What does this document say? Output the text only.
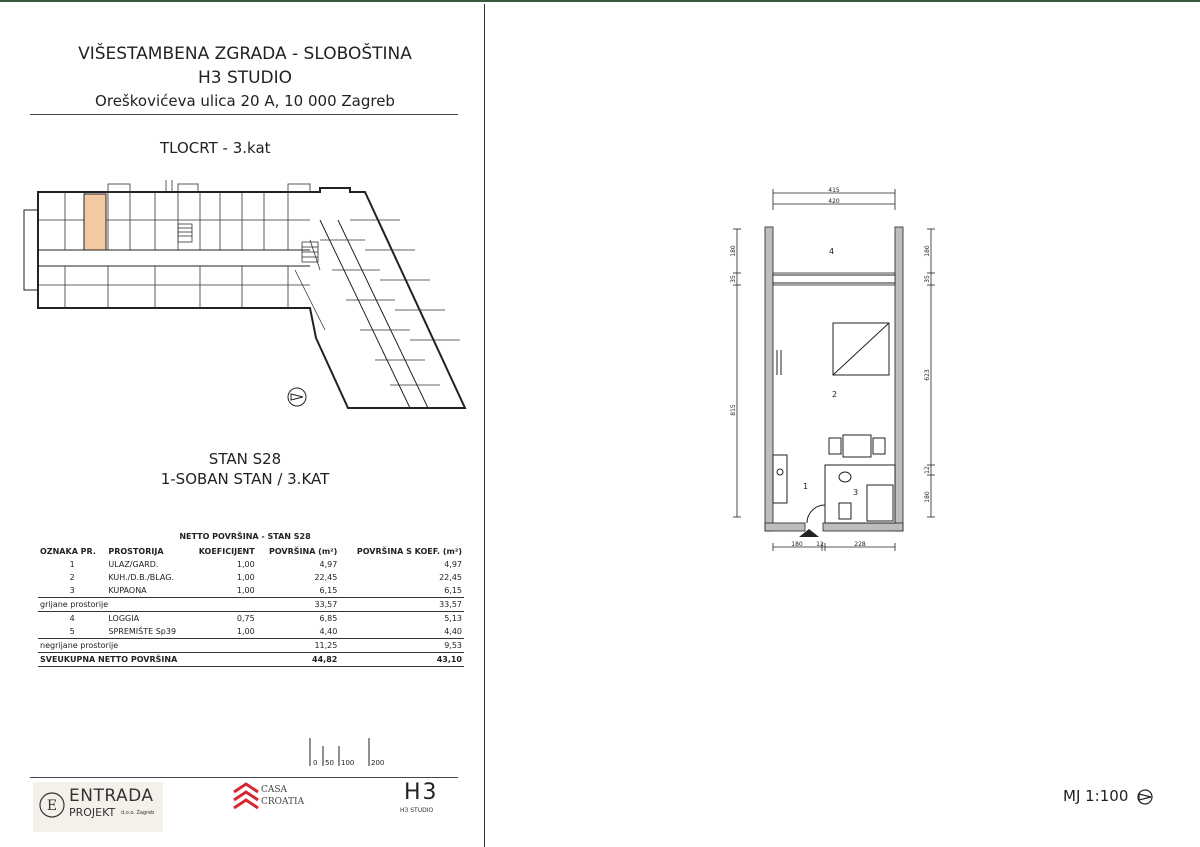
VIŠESTAMBENA ZGRADA - SLOBOŠTINA
H3 STUDIO
Oreškovićeva ulica 20 A, 10 000 Zagreb
TLOCRT - 3.kat
STAN S28
1-SOBAN STAN / 3.KAT
NETTO POVRŠINA - STAN S28
OZNAKA PR.	PROSTORIJA	KOEFICIJENT	POVRŠINA (m²)	POVRŠINA S KOEF. (m²)
1	ULAZ/GARD.	1,00	4,97	4,97
2	KUH./D.B./BLAG.	1,00	22,45	22,45
3	KUPAONA	1,00	6,15	6,15
grijane prostorije			33,57	33,57
4	LOGGIA	0,75	6,85	5,13
5	SPREMIŠTE Sp39	1,00	4,40	4,40
negrijane prostorije			11,25	9,53
SVEUKUPNA NETTO POVRŠINA			44,82	43,10
0 50 100 200
E ENTRADA
PROJEKT d.o.o. Zagreb
CASA
CROATIA	H3
H3 STUDIO
415
420
180
35
815
180
35
623
12
180
180 12	228
1
2
3
4
MJ 1:100
